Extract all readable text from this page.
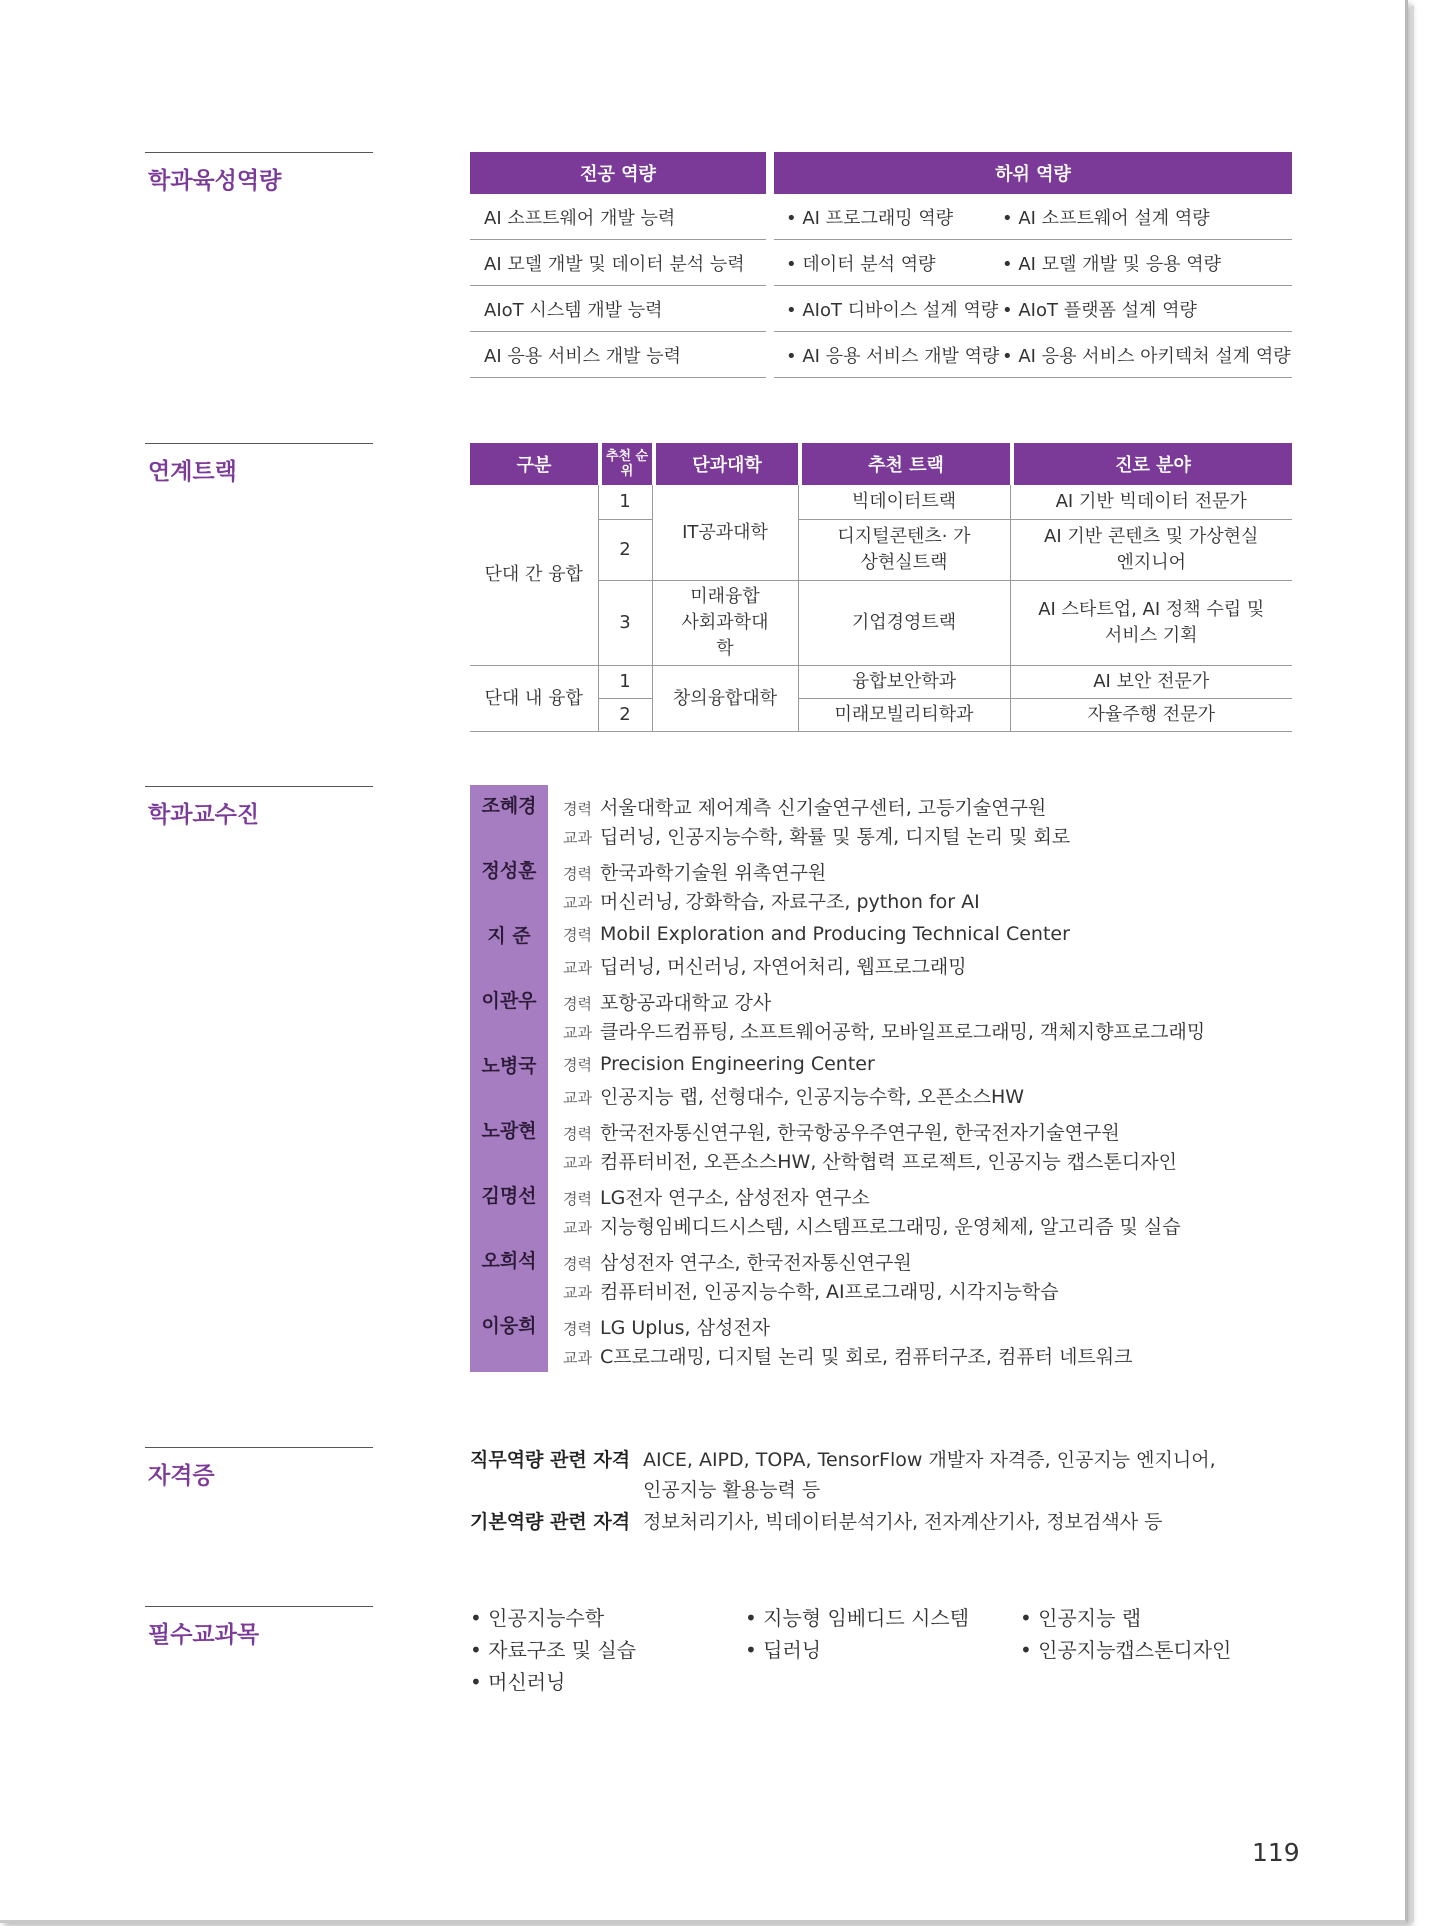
학과육성역량	전공 역량		하위 역량	
AI 소프트웨어 개발 능력		• AI 프로그래밍 역량	• AI 소프트웨어 설계 역량
AI 모델 개발 및 데이터 분석 능력		• 데이터 분석 역량	• AI 모델 개발 및 응용 역량
AIoT 시스템 개발 능력		• AIoT 디바이스 설계 역량	• AIoT 플랫폼 설계 역량
AI 응용 서비스 개발 능력		• AI 응용 서비스 개발 역량	• AI 응용 서비스 아키텍처 설계 역량
연계트랙	구분		추천 순위		단과대학		추천 트랙		진로 분야
단대 간 융합	1		IT공과대학		빅데이터트랙		AI 기반 빅데이터 전문가	
	2				디지털콘텐츠· 가상현실트랙		AI 기반 콘텐츠 및 가상현실 엔지니어	

	3		미래융합 사회과학대학		기업경영트랙		AI 스타트업, AI 정책 수립 및 서비스 기획	

단대 내 융합	1		창의융합대학		융합보안학과		AI 보안 전문가	
	2				미래모빌리티학과		자율주행 전문가	
학과교수진	조혜경	경력 서울대학교 제어계측 신기술연구센터, 고등기술연구원
교과 딥러닝, 인공지능수학, 확률 및 통계, 디지털 논리 및 회로
정성훈	경력 한국과학기술원 위촉연구원
교과 머신러닝, 강화학습, 자료구조, python for AI
지 준	경력 Mobil Exploration and Producing Technical Center
교과 딥러닝, 머신러닝, 자연어처리, 웹프로그래밍
이관우	경력 포항공과대학교 강사
교과 클라우드컴퓨팅, 소프트웨어공학, 모바일프로그래밍, 객체지향프로그래밍
노병국	경력 Precision Engineering Center
교과 인공지능 랩, 선형대수, 인공지능수학, 오픈소스HW
노광현	경력 한국전자통신연구원, 한국항공우주연구원, 한국전자기술연구원
교과 컴퓨터비전, 오픈소스HW, 산학협력 프로젝트, 인공지능 캡스톤디자인
김명선	경력 LG전자 연구소, 삼성전자 연구소
교과 지능형임베디드시스템, 시스템프로그래밍, 운영체제, 알고리즘 및 실습
오희석	경력 삼성전자 연구소, 한국전자통신연구원
교과 컴퓨터비전, 인공지능수학, AI프로그래밍, 시각지능학습
이웅희	경력 LG Uplus, 삼성전자
교과 C프로그래밍, 디지털 논리 및 회로, 컴퓨터구조, 컴퓨터 네트워크
자격증
직무역량 관련 자격 AICE, AIPD, TOPA, TensorFlow 개발자 자격증, 인공지능 엔지니어,
인공지능 활용능력 등
기본역량 관련 자격 정보처리기사, 빅데이터분석기사, 전자계산기사, 정보검색사 등
필수교과목
• 인공지능수학
• 자료구조 및 실습
• 머신러닝
• 지능형 임베디드 시스템
• 딥러닝
• 인공지능 랩
• 인공지능캡스톤디자인
119
